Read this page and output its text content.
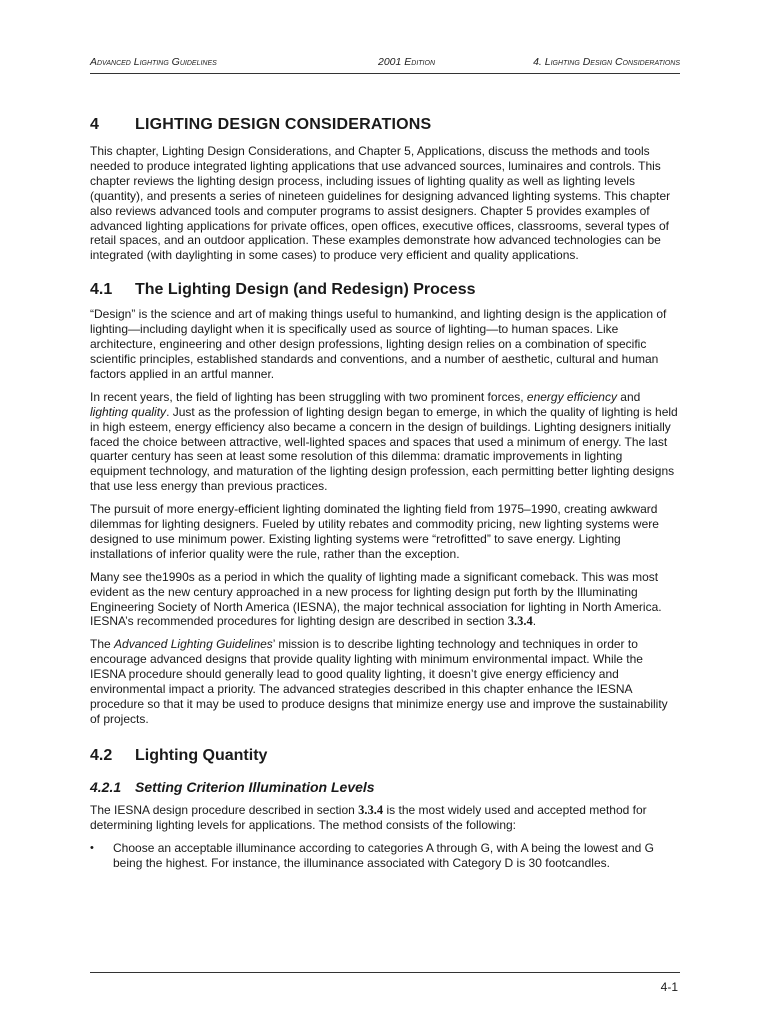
Advanced Lighting Guidelines	2001 Edition	4. Lighting Design Considerations
4 LIGHTING DESIGN CONSIDERATIONS

This chapter, Lighting Design Considerations, and Chapter 5, Applications, discuss the methods and tools needed to produce integrated lighting applications that use advanced sources, luminaires and controls. This chapter reviews the lighting design process, including issues of lighting quality as well as lighting levels (quantity), and presents a series of nineteen guidelines for designing advanced lighting systems. This chapter also reviews advanced tools and computer programs to assist designers. Chapter 5 provides examples of advanced lighting applications for private offices, open offices, executive offices, classrooms, several types of retail spaces, and an outdoor application. These examples demonstrate how advanced technologies can be integrated (with daylighting in some cases) to produce very efficient and quality applications.

4.1 The Lighting Design (and Redesign) Process

“Design” is the science and art of making things useful to humankind, and lighting design is the application of lighting—including daylight when it is specifically used as source of lighting—to human spaces. Like architecture, engineering and other design professions, lighting design relies on a combination of specific scientific principles, established standards and conventions, and a number of aesthetic, cultural and human factors applied in an artful manner.

In recent years, the field of lighting has been struggling with two prominent forces, energy efficiency and lighting quality. Just as the profession of lighting design began to emerge, in which the quality of lighting is held in high esteem, energy efficiency also became a concern in the design of buildings. Lighting designers initially faced the choice between attractive, well-lighted spaces and spaces that used a minimum of energy. The last quarter century has seen at least some resolution of this dilemma: dramatic improvements in lighting equipment technology, and maturation of the lighting design profession, each permitting better lighting designs that use less energy than previous practices.

The pursuit of more energy-efficient lighting dominated the lighting field from 1975–1990, creating awkward dilemmas for lighting designers. Fueled by utility rebates and commodity pricing, new lighting systems were designed to use minimum power. Existing lighting systems were “retrofitted” to save energy. Lighting installations of inferior quality were the rule, rather than the exception.

Many see the1990s as a period in which the quality of lighting made a significant comeback. This was most evident as the new century approached in a new process for lighting design put forth by the Illuminating Engineering Society of North America (IESNA), the major technical association for lighting in North America. IESNA’s recommended procedures for lighting design are described in section 3.3.4.

The Advanced Lighting Guidelines’ mission is to describe lighting technology and techniques in order to encourage advanced designs that provide quality lighting with minimum environmental impact. While the IESNA procedure should generally lead to good quality lighting, it doesn’t give energy efficiency and environmental impact a priority. The advanced strategies described in this chapter enhance the IESNA procedure so that it may be used to produce designs that minimize energy use and improve the sustainability of projects.

4.2 Lighting Quantity
4.2.1 Setting Criterion Illumination Levels

The IESNA design procedure described in section 3.3.4 is the most widely used and accepted method for determining lighting levels for applications. The method consists of the following:

• Choose an acceptable illuminance according to categories A through G, with A being the lowest and G being the highest. For instance, the illuminance associated with Category D is 30 footcandles.
4-1
